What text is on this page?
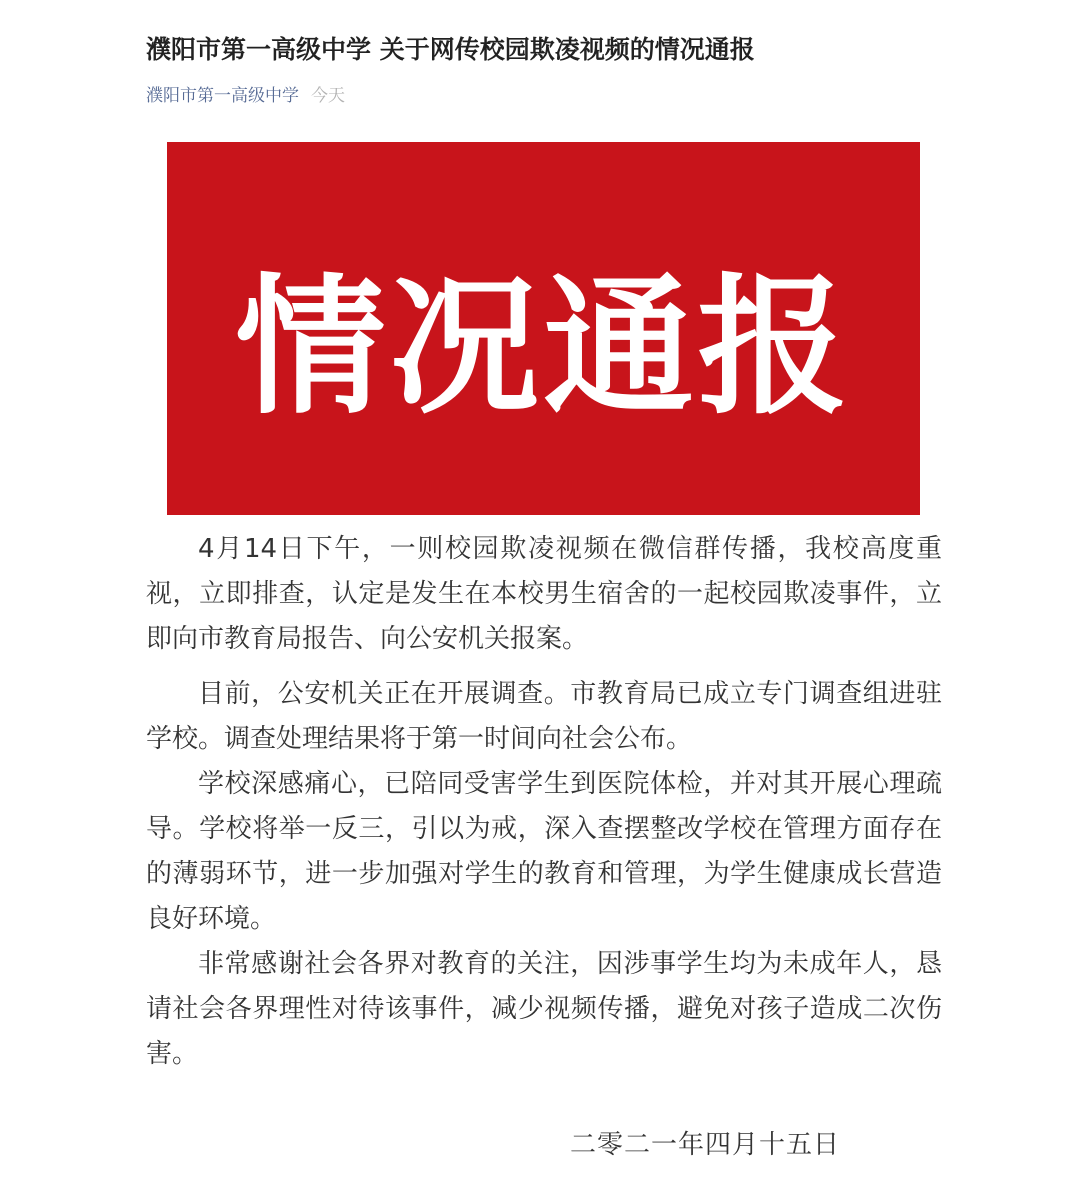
濮阳市第一高级中学 关于网传校园欺凌视频的情况通报
濮阳市第一高级中学 今天
情况通报

4月14日下午，一则校园欺凌视频在微信群传播，我校高度重视，立即排查，认定是发生在本校男生宿舍的一起校园欺凌事件，立即向市教育局报告、向公安机关报案。

目前，公安机关正在开展调查。市教育局已成立专门调查组进驻学校。调查处理结果将于第一时间向社会公布。

学校深感痛心，已陪同受害学生到医院体检，并对其开展心理疏导。学校将举一反三，引以为戒，深入查摆整改学校在管理方面存在的薄弱环节，进一步加强对学生的教育和管理，为学生健康成长营造良好环境。

非常感谢社会各界对教育的关注，因涉事学生均为未成年人，恳请社会各界理性对待该事件，减少视频传播，避免对孩子造成二次伤害。

二零二一年四月十五日
